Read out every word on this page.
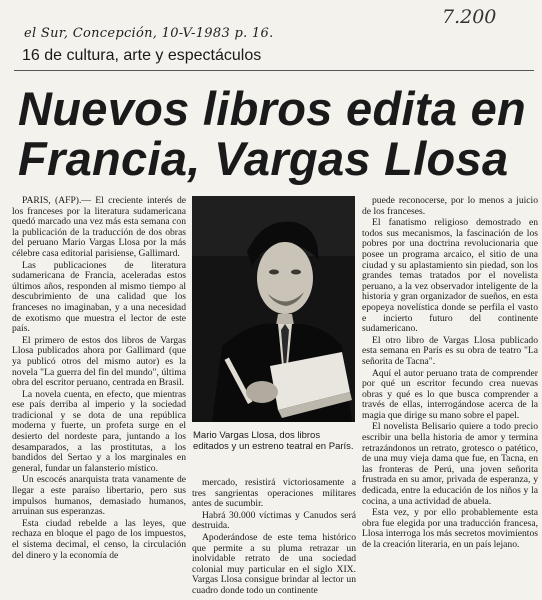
el Sur, Concepción, 10-V-1983 p. 16.
7.200
16 de cultura, arte y espectáculos
Nuevos libros edita en Francia, Vargas Llosa

PARIS, (AFP).— El creciente interés de los franceses por la literatura sudamericana quedó marcado una vez más esta semana con la publicación de la traducción de dos obras del peruano Mario Vargas Llosa por la más célebre casa editorial parisiense, Gallimard.

Las publicaciones de literatura sudamericana de Francia, aceleradas estos últimos años, responden al mismo tiempo al descubrimiento de una calidad que los franceses no imaginaban, y a una necesidad de exotismo que muestra el lector de este país.

El primero de estos dos libros de Vargas Llosa publicados ahora por Gallimard (que ya publicó otros del mismo autor) es la novela "La guerra del fin del mundo", última obra del escritor peruano, centrada en Brasil.

La novela cuenta, en efecto, que mientras ese país derriba al imperio y la sociedad tradicional y se dota de una república moderna y fuerte, un profeta surge en el desierto del nordeste para, juntando a los desamparados, a las prostitutas, a los bandidos del Sertao y a los marginales en general, fundar un falansterio místico.

Un escocés anarquista trata vanamente de llegar a este paraíso libertario, pero sus impulsos humanos, demasiado humanos, arruinan sus esperanzas.

Esta ciudad rebelde a las leyes, que rechaza en bloque el pago de los impuestos, el sistema decimal, el censo, la circulación del dinero y la economía de

Mario Vargas Llosa, dos libros editados y un estreno teatral en París.

mercado, resistirá victoriosamente a tres sangrientas operaciones militares antes de sucumbir.

Habrá 30.000 víctimas y Canudos será destruida.

Apoderándose de este tema histórico que permite a su pluma retrazar un inolvidable retrato de una sociedad colonial muy particular en el siglo XIX. Vargas Llosa consigue brindar al lector un cuadro donde todo un continente

puede reconocerse, por lo menos a juicio de los franceses.

El fanatismo religioso demostrado en todos sus mecanismos, la fascinación de los pobres por una doctrina revolucionaria que posee un programa arcaico, el sitio de una ciudad y su aplastamiento sin piedad, son los grandes temas tratados por el novelista peruano, a la vez observador inteligente de la historia y gran organizador de sueños, en esta epopeya novelística donde se perfila el vasto e incierto futuro del continente sudamericano.

El otro libro de Vargas Llosa publicado esta semana en París es su obra de teatro "La señorita de Tacna".

Aquí el autor peruano trata de comprender por qué un escritor fecundo crea nuevas obras y qué es lo que busca comprender a través de ellas, interrogándose acerca de la magia que dirige su mano sobre el papel.

El novelista Belisario quiere a todo precio escribir una bella historia de amor y termina retrazándonos un retrato, grotesco o patético, de una muy vieja dama que fue, en Tacna, en las fronteras de Perú, una joven señorita frustrada en su amor, privada de esperanza, y dedicada, entre la educación de los niños y la cocina, a una actividad de abuela.

Esta vez, y por ello probablemente esta obra fue elegida por una traducción francesa, Llosa interroga los más secretos movimientos de la creación literaria, en un país lejano.
